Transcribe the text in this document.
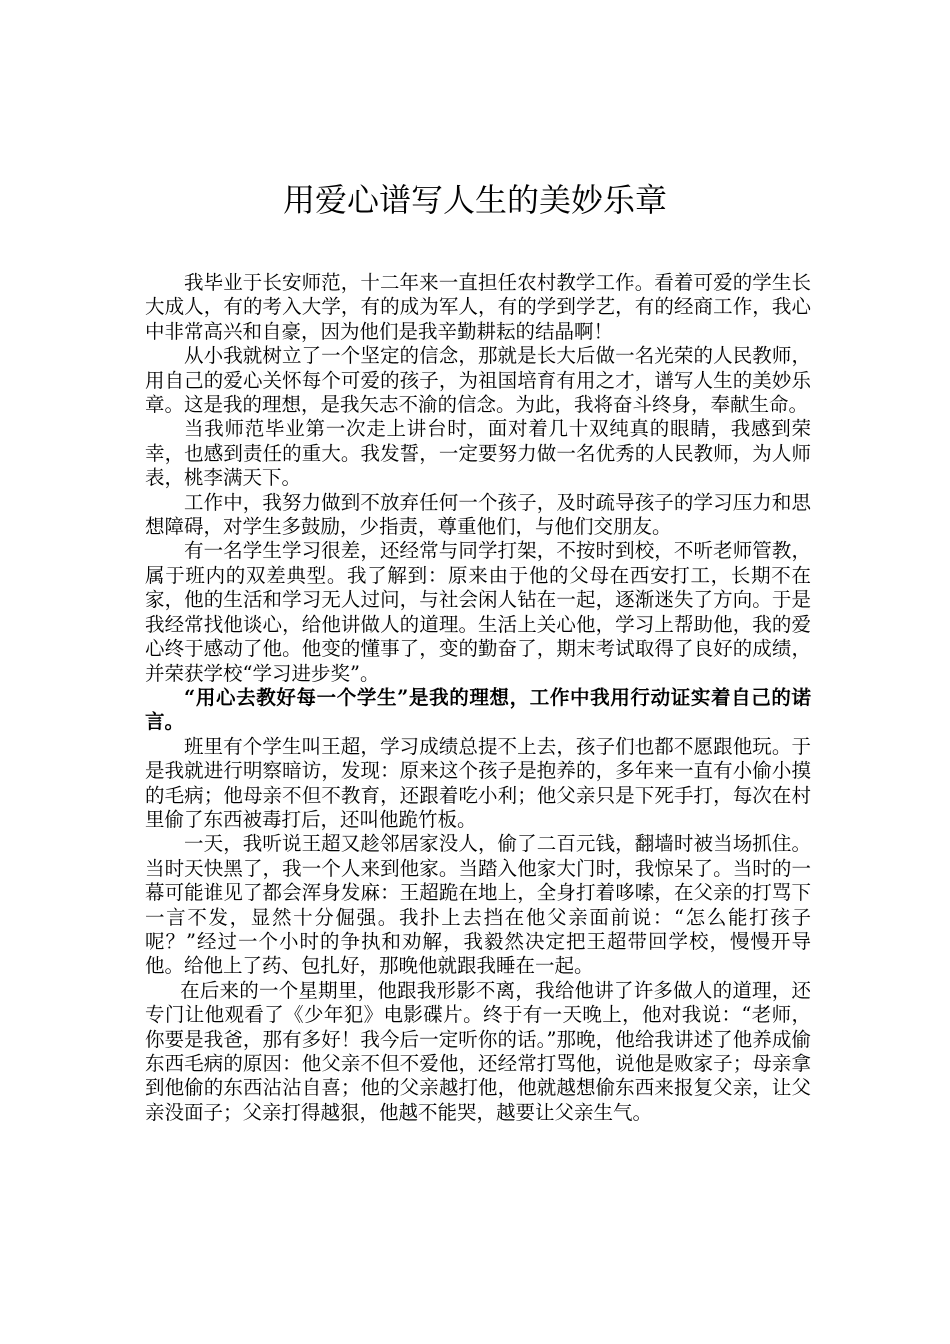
用爱心谱写人生的美妙乐章

我毕业于长安师范，十二年来一直担任农村教学工作。看着可爱的学生长大成人，有的考入大学，有的成为军人，有的学到学艺，有的经商工作，我心中非常高兴和自豪，因为他们是我辛勤耕耘的结晶啊！

从小我就树立了一个坚定的信念，那就是长大后做一名光荣的人民教师，用自己的爱心关怀每个可爱的孩子，为祖国培育有用之才，谱写人生的美妙乐章。这是我的理想，是我矢志不渝的信念。为此，我将奋斗终身，奉献生命。

当我师范毕业第一次走上讲台时，面对着几十双纯真的眼睛，我感到荣幸，也感到责任的重大。我发誓，一定要努力做一名优秀的人民教师，为人师表，桃李满天下。

工作中，我努力做到不放弃任何一个孩子，及时疏导孩子的学习压力和思想障碍，对学生多鼓励，少指责，尊重他们，与他们交朋友。

有一名学生学习很差，还经常与同学打架，不按时到校，不听老师管教，属于班内的双差典型。我了解到：原来由于他的父母在西安打工，长期不在家，他的生活和学习无人过问，与社会闲人钻在一起，逐渐迷失了方向。于是我经常找他谈心，给他讲做人的道理。生活上关心他，学习上帮助他，我的爱心终于感动了他。他变的懂事了，变的勤奋了，期末考试取得了良好的成绩，并荣获学校“学习进步奖”。

“用心去教好每一个学生”是我的理想，工作中我用行动证实着自己的诺言。

班里有个学生叫王超，学习成绩总提不上去，孩子们也都不愿跟他玩。于是我就进行明察暗访，发现：原来这个孩子是抱养的，多年来一直有小偷小摸的毛病；他母亲不但不教育，还跟着吃小利；他父亲只是下死手打，每次在村里偷了东西被毒打后，还叫他跪竹板。

一天，我听说王超又趁邻居家没人，偷了二百元钱，翻墙时被当场抓住。当时天快黑了，我一个人来到他家。当踏入他家大门时，我惊呆了。当时的一幕可能谁见了都会浑身发麻：王超跪在地上，全身打着哆嗦，在父亲的打骂下一言不发，显然十分倔强。我扑上去挡在他父亲面前说：“怎么能打孩子呢？”经过一个小时的争执和劝解，我毅然决定把王超带回学校，慢慢开导他。给他上了药、包扎好，那晚他就跟我睡在一起。

在后来的一个星期里，他跟我形影不离，我给他讲了许多做人的道理，还专门让他观看了《少年犯》电影碟片。终于有一天晚上，他对我说：“老师，你要是我爸，那有多好！我今后一定听你的话。”那晚，他给我讲述了他养成偷东西毛病的原因：他父亲不但不爱他，还经常打骂他，说他是败家子；母亲拿到他偷的东西沾沾自喜；他的父亲越打他，他就越想偷东西来报复父亲，让父亲没面子；父亲打得越狠，他越不能哭，越要让父亲生气。
